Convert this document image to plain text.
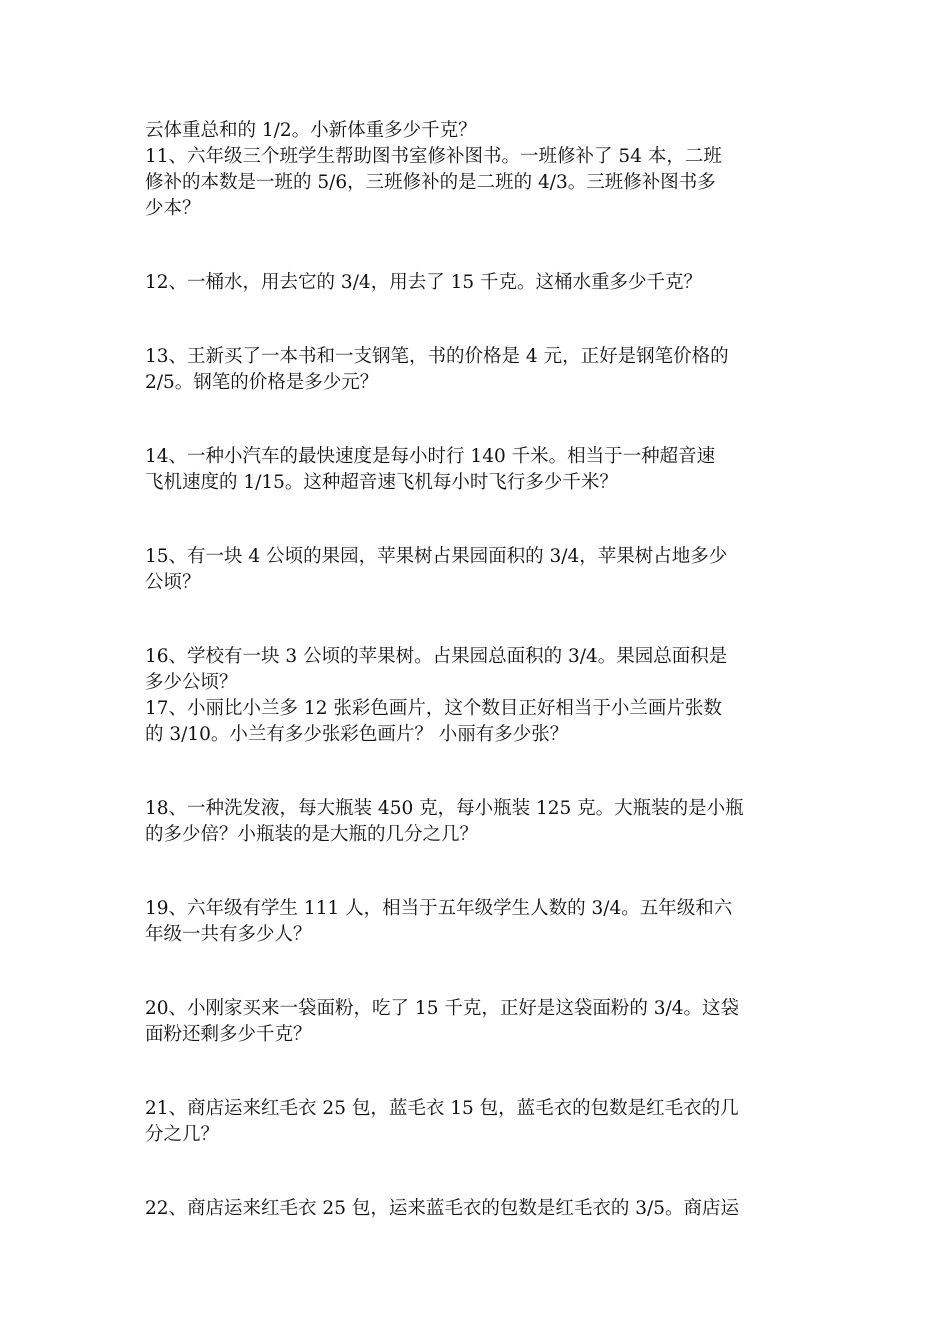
云体重总和的 1/2。小新体重多少千克？
11、六年级三个班学生帮助图书室修补图书。一班修补了 54 本，二班
修补的本数是一班的 5/6，三班修补的是二班的 4/3。三班修补图书多
少本？
12、一桶水，用去它的 3/4，用去了 15 千克。这桶水重多少千克？
13、王新买了一本书和一支钢笔，书的价格是 4 元，正好是钢笔价格的
2/5。钢笔的价格是多少元？
14、一种小汽车的最快速度是每小时行 140 千米。相当于一种超音速
飞机速度的 1/15。这种超音速飞机每小时飞行多少千米？
15、有一块 4 公顷的果园，苹果树占果园面积的 3/4，苹果树占地多少
公顷？
16、学校有一块 3 公顷的苹果树。占果园总面积的 3/4。果园总面积是
多少公顷？
17、小丽比小兰多 12 张彩色画片，这个数目正好相当于小兰画片张数
的 3/10。小兰有多少张彩色画片？ 小丽有多少张？
18、一种洗发液，每大瓶装 450 克，每小瓶装 125 克。大瓶装的是小瓶
的多少倍？小瓶装的是大瓶的几分之几？
19、六年级有学生 111 人，相当于五年级学生人数的 3/4。五年级和六
年级一共有多少人？
20、小刚家买来一袋面粉，吃了 15 千克，正好是这袋面粉的 3/4。这袋
面粉还剩多少千克？
21、商店运来红毛衣 25 包，蓝毛衣 15 包，蓝毛衣的包数是红毛衣的几
分之几？
22、商店运来红毛衣 25 包，运来蓝毛衣的包数是红毛衣的 3/5。商店运
